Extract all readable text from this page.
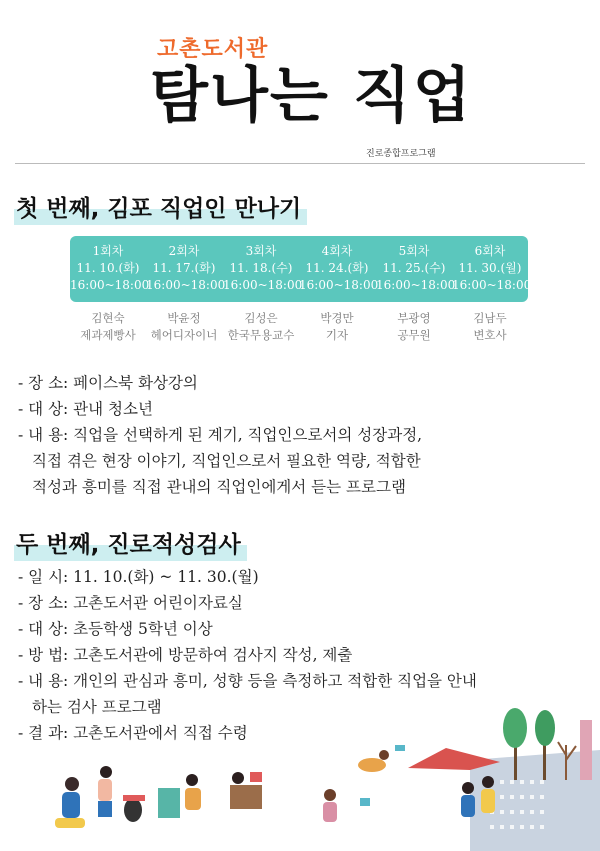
고촌도서관
탐나는 직업
진로종합프로그램
첫 번째, 김포 직업인 만나기
1회차
11. 10.(화)
16:00~18:00
2회차
11. 17.(화)
16:00~18:00
3회차
11. 18.(수)
16:00~18:00
4회차
11. 24.(화)
16:00~18:00
5회차
11. 25.(수)
16:00~18:00
6회차
11. 30.(월)
16:00~18:00
김현숙
제과제빵사
박윤정
헤어디자이너
김성은
한국무용교수
박경만
기자
부광영
공무원
김남두
변호사
- 장 소: 페이스북 화상강의
- 대 상: 관내 청소년
- 내 용: 직업을 선택하게 된 계기, 직업인으로서의 성장과정,
직접 겪은 현장 이야기, 직업인으로서 필요한 역량, 적합한
적성과 흥미를 직접 관내의 직업인에게서 듣는 프로그램
두 번째, 진로적성검사
- 일 시: 11. 10.(화) ~ 11. 30.(월)
- 장 소: 고촌도서관 어린이자료실
- 대 상: 초등학생 5학년 이상
- 방 법: 고촌도서관에 방문하여 검사지 작성, 제출
- 내 용: 개인의 관심과 흥미, 성향 등을 측정하고 적합한 직업을 안내
하는 검사 프로그램
- 결 과: 고촌도서관에서 직접 수령
